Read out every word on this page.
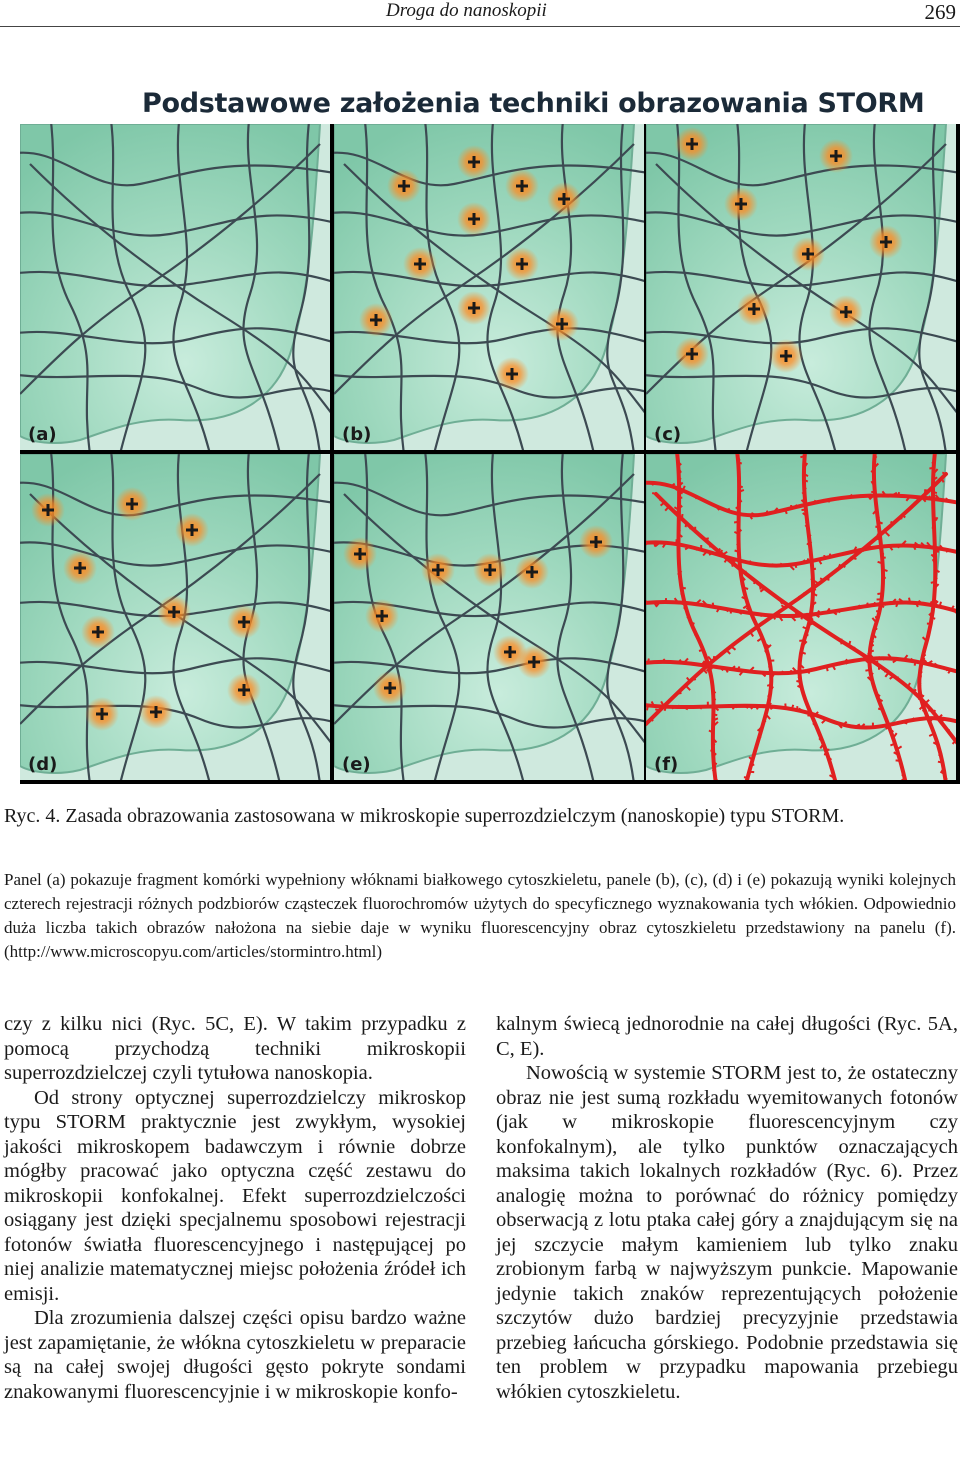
Droga do nanoskopii	269
Podstawowe założenia techniki obrazowania STORM
(a)	(b)	(c)
(d)	(e)	(f)
Ryc. 4. Zasada obrazowania zastosowana w mikroskopie superrozdzielczym (nanoskopie) typu STORM.
Panel (a) pokazuje fragment komórki wypełniony włóknami białkowego cytoszkieletu, panele (b), (c), (d) i (e) pokazują wyniki kolejnych czterech rejestracji różnych podzbiorów cząsteczek fluorochromów użytych do specyficznego wyznakowania tych włókien. Odpowiednio duża liczba takich obrazów nałożona na siebie daje w wyniku fluorescencyjny obraz cytoszkieletu przedstawiony na panelu (f). (http://www.microscopyu.com/articles/stormintro.html)

czy z kilku nici (Ryc. 5C, E). W takim przypadku z pomocą przychodzą techniki mikroskopii superrozdzielczej czyli tytułowa nanoskopia.

Od strony optycznej superrozdzielczy mikroskop typu STORM praktycznie jest zwykłym, wysokiej jakości mikroskopem badawczym i równie dobrze mógłby pracować jako optyczna część zestawu do mikroskopii konfokalnej. Efekt superrozdzielczości osiągany jest dzięki specjalnemu sposobowi rejestracji fotonów światła fluorescencyjnego i następującej po niej analizie matematycznej miejsc położenia źródeł ich emisji.

Dla zrozumienia dalszej części opisu bardzo ważne jest zapamiętanie, że włókna cytoszkieletu w preparacie są na całej swojej długości gęsto pokryte sondami znakowanymi fluorescencyjnie i w mikroskopie konfo-

kalnym świecą jednorodnie na całej długości (Ryc. 5A, C, E).

Nowością w systemie STORM jest to, że ostateczny obraz nie jest sumą rozkładu wyemitowanych fotonów (jak w mikroskopie fluorescencyjnym czy konfokalnym), ale tylko punktów oznaczających maksima takich lokalnych rozkładów (Ryc. 6). Przez analogię można to porównać do różnicy pomiędzy obserwacją z lotu ptaka całej góry a znajdującym się na jej szczycie małym kamieniem lub tylko znaku zrobionym farbą w najwyższym punkcie. Mapowanie jedynie takich znaków reprezentujących położenie szczytów dużo bardziej precyzyjnie przedstawia przebieg łańcucha górskiego. Podobnie przedstawia się ten problem w przypadku mapowania przebiegu włókien cytoszkieletu.
